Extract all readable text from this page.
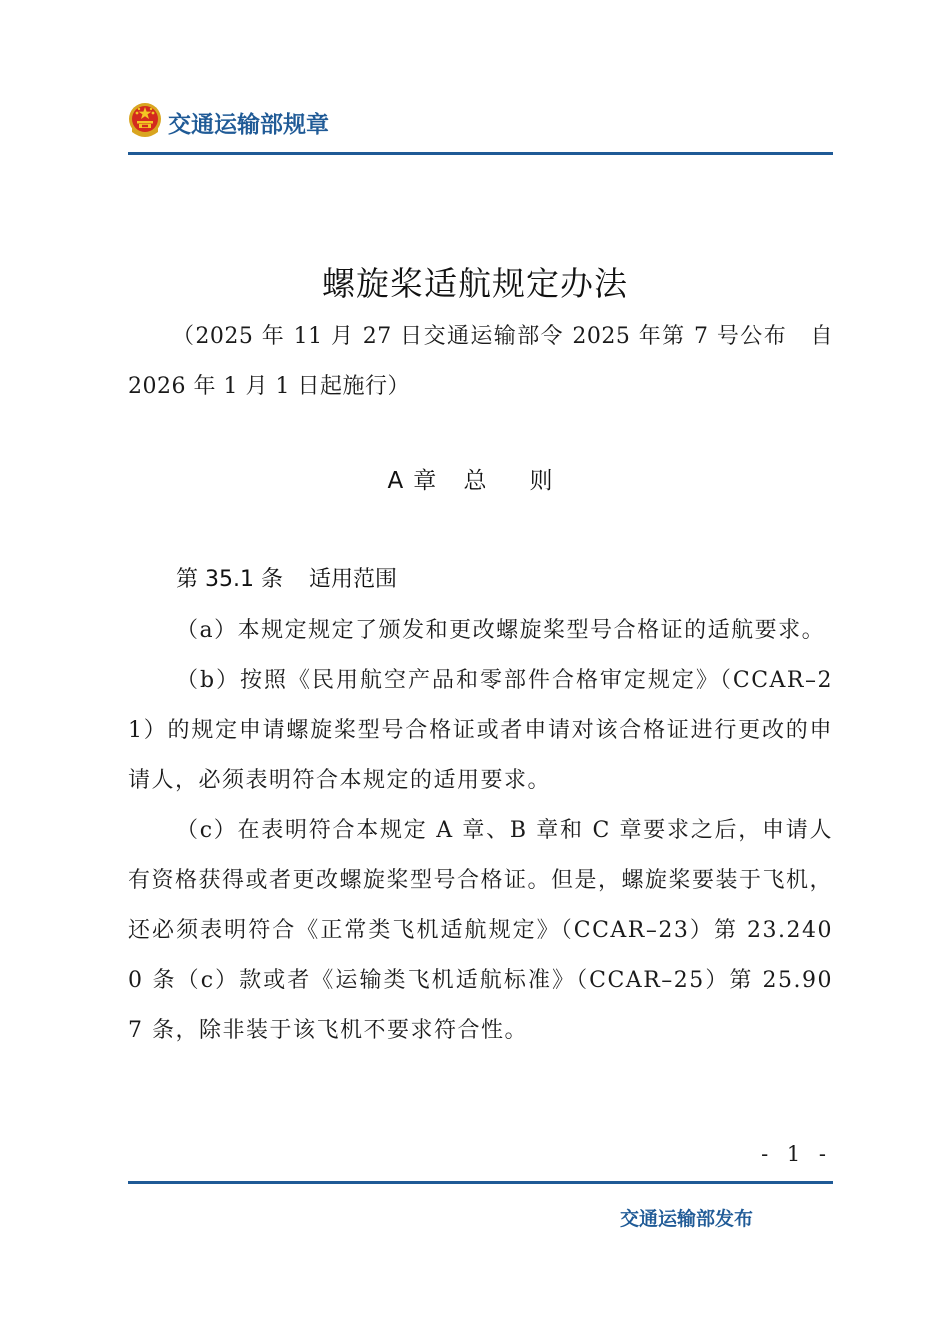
交通运输部规章
螺旋桨适航规定办法
（2025 年 11 月 27 日交通运输部令 2025 年第 7 号公布　自 2026 年 1 月 1 日起施行）
A章 总　则
第 35.1 条 适用范围

（a）本规定规定了颁发和更改螺旋桨型号合格证的适航要求。

（b）按照《民用航空产品和零部件合格审定规定》（CCAR–21）的规定申请螺旋桨型号合格证或者申请对该合格证进行更改的申请人，必须表明符合本规定的适用要求。

（c）在表明符合本规定 A 章、B 章和 C 章要求之后，申请人有资格获得或者更改螺旋桨型号合格证。但是，螺旋桨要装于飞机，还必须表明符合《正常类飞机适航规定》（CCAR–23）第 23.2400 条（c）款或者《运输类飞机适航标准》（CCAR–25）第 25.907 条，除非装于该飞机不要求符合性。

- 1 -
交通运输部发布
